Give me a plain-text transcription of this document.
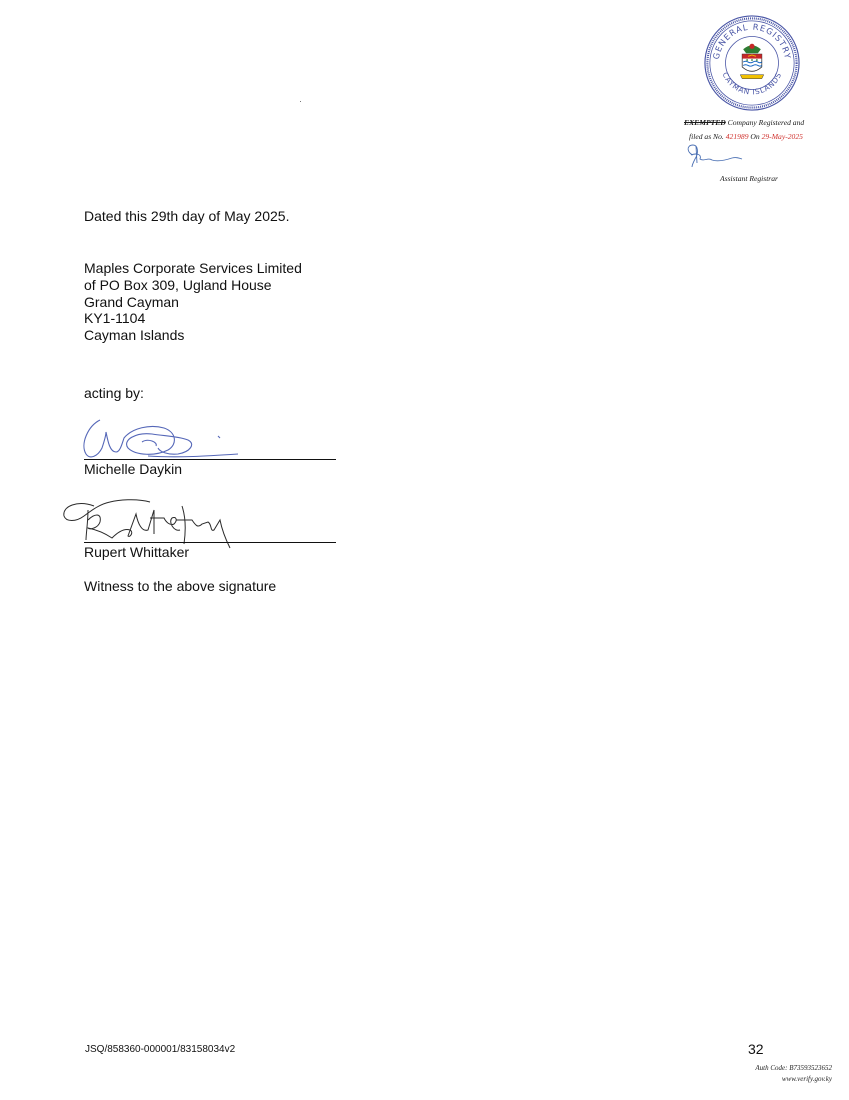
GENERAL REGISTRY
CAYMAN ISLANDS
EXEMPTED Company Registered and
filed as No. 421989 On 29-May-2025
Assistant Registrar
Dated this 29th day of May 2025.
Maples Corporate Services Limited
of PO Box 309, Ugland House
Grand Cayman
KY1-1104
Cayman Islands
acting by:
Michelle Daykin
Rupert Whittaker
Witness to the above signature
JSQ/858360-000001/83158034v2	32
Auth Code: B73593523652
www.verify.gov.ky
